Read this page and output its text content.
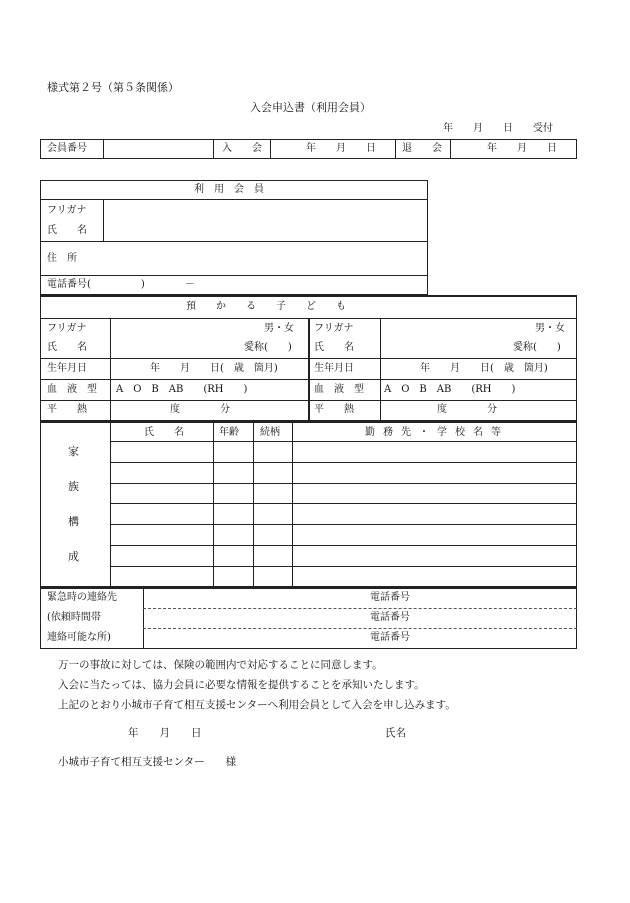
様式第２号（第５条関係）
入会申込書（利用会員）
年　　月　　日　　受付
会員番号	入　　会	年　　月　　日	退　　会	年　　月　　日
利　用　会　員
フリガナ
氏　　名
住　所
電話番号(　　　　　)　　　　－
預　　か　　る　　子　　ど　　も
フリガナ	男・女
氏　　名	愛称(　　)
生年月日	年　　月　　日(　歳　箇月)
血　液　型 A　O　B　AB　　(RH　　)
平　　熱	度　　　　分
フリガナ	男・女
氏　　名	愛称(　　)
生年月日	年　　月　　日(　歳　箇月)
血　液　型 A　O　B　AB　　(RH　　)
平　　熱	度　　　　分
氏　　名	年齢 続柄	勤務先・学校名等
家
族
構
成
緊急時の連絡先
(依頼時間帯
連絡可能な所)
電話番号
電話番号
電話番号
万一の事故に対しては、保険の範囲内で対応することに同意します。
入会に当たっては、協力会員に必要な情報を提供することを承知いたします。
上記のとおり小城市子育て相互支援センターへ利用会員として入会を申し込みます。
年　　月　　日	氏名
小城市子育て相互支援センター　　様
